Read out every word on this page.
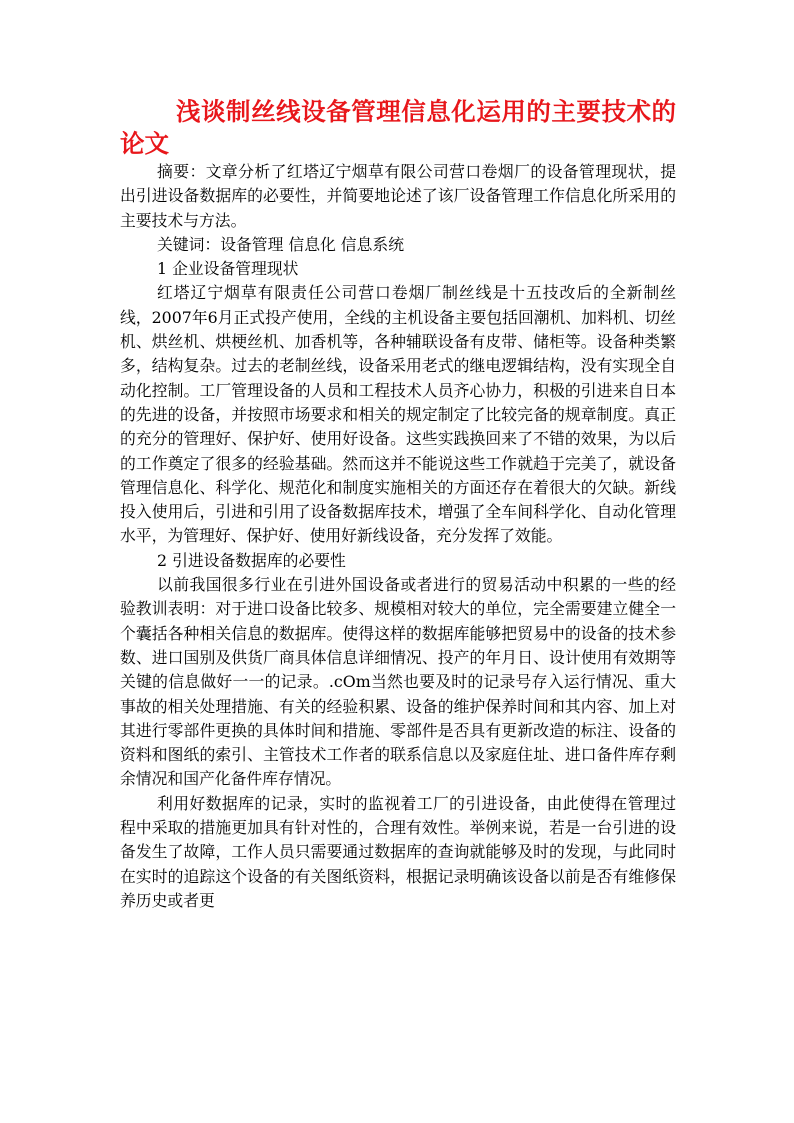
浅谈制丝线设备管理信息化运用的主要技术的论文

摘要：文章分析了红塔辽宁烟草有限公司营口卷烟厂的设备管理现状，提出引进设备数据库的必要性，并简要地论述了该厂设备管理工作信息化所采用的主要技术与方法。

关键词：设备管理 信息化 信息系统

1 企业设备管理现状

红塔辽宁烟草有限责任公司营口卷烟厂制丝线是十五技改后的全新制丝线，2007年6月正式投产使用，全线的主机设备主要包括回潮机、加料机、切丝机、烘丝机、烘梗丝机、加香机等，各种辅联设备有皮带、储柜等。设备种类繁多，结构复杂。过去的老制丝线，设备采用老式的继电逻辑结构，没有实现全自动化控制。工厂管理设备的人员和工程技术人员齐心协力，积极的引进来自日本的先进的设备，并按照市场要求和相关的规定制定了比较完备的规章制度。真正的充分的管理好、保护好、使用好设备。这些实践换回来了不错的效果，为以后的工作奠定了很多的经验基础。然而这并不能说这些工作就趋于完美了，就设备管理信息化、科学化、规范化和制度实施相关的方面还存在着很大的欠缺。新线投入使用后，引进和引用了设备数据库技术，增强了全车间科学化、自动化管理水平，为管理好、保护好、使用好新线设备，充分发挥了效能。

2 引进设备数据库的必要性

以前我国很多行业在引进外国设备或者进行的贸易活动中积累的一些的经验教训表明：对于进口设备比较多、规模相对较大的单位，完全需要建立健全一个囊括各种相关信息的数据库。使得这样的数据库能够把贸易中的设备的技术参数、进口国别及供货厂商具体信息详细情况、投产的年月日、设计使用有效期等关键的信息做好一一的记录。.cOm当然也要及时的记录号存入运行情况、重大事故的相关处理措施、有关的经验积累、设备的维护保养时间和其内容、加上对其进行零部件更换的具体时间和措施、零部件是否具有更新改造的标注、设备的资料和图纸的索引、主管技术工作者的联系信息以及家庭住址、进口备件库存剩余情况和国产化备件库存情况。

利用好数据库的记录，实时的监视着工厂的引进设备，由此使得在管理过程中采取的措施更加具有针对性的，合理有效性。举例来说，若是一台引进的设备发生了故障，工作人员只需要通过数据库的查询就能够及时的发现，与此同时在实时的追踪这个设备的有关图纸资料，根据记录明确该设备以前是否有维修保养历史或者更
